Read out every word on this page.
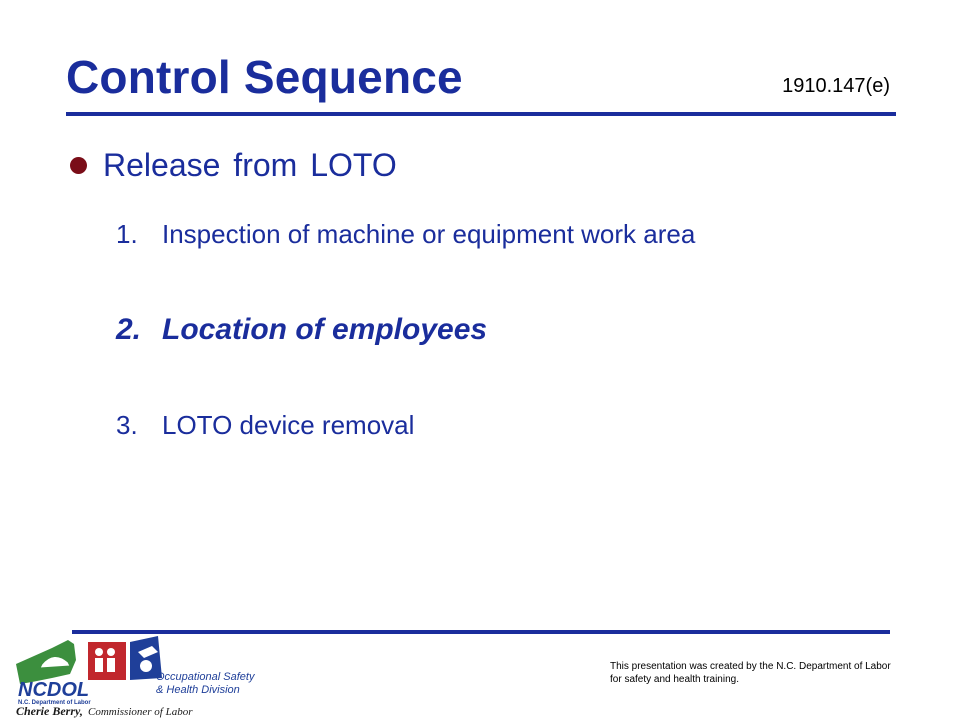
Control Sequence	1910.147(e)
Release from LOTO
1. Inspection of machine or equipment work area
2. Location of employees
3. LOTO device removal
NCDOL
N.C. Department of Labor
Occupational Safety
& Health Division
Cherie Berry, Commissioner of Labor
This presentation was created by the N.C. Department of Labor for safety and health training.
